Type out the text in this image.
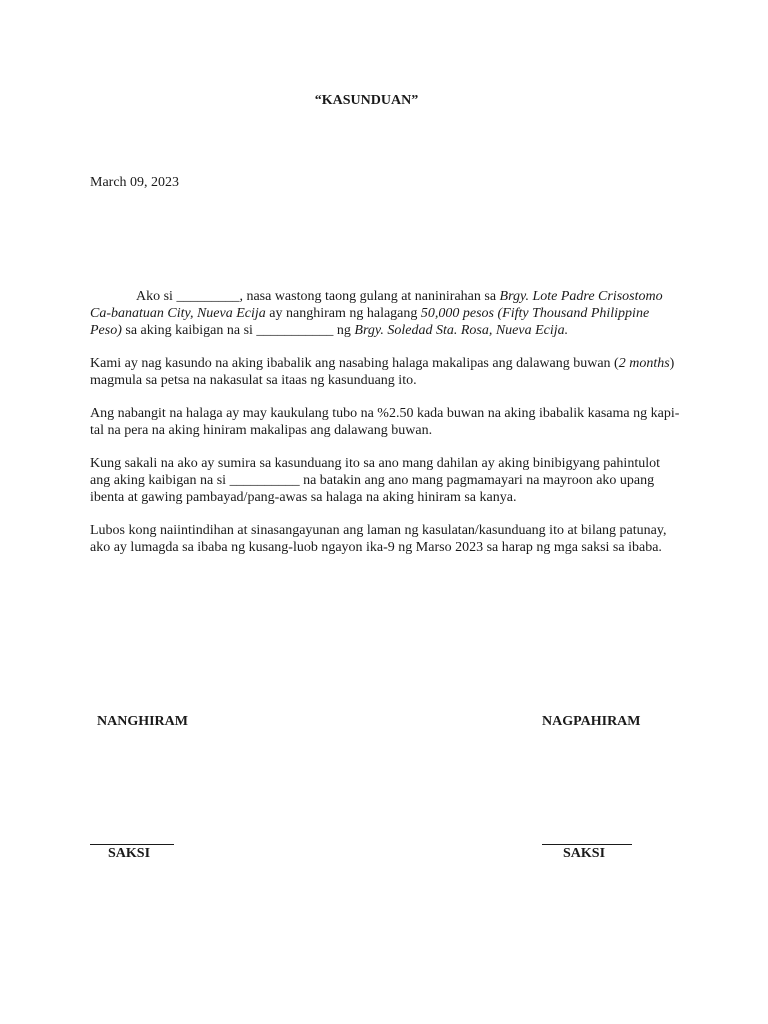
“KASUNDUAN”
March 09, 2023

Ako si _________, nasa wastong taong gulang at naninirahan sa Brgy. Lote Padre Crisostomo Ca-banatuan City, Nueva Ecija ay nanghiram ng halagang 50,000 pesos (Fifty Thousand Philippine Peso) sa aking kaibigan na si ___________ ng Brgy. Soledad Sta. Rosa, Nueva Ecija.

Kami ay nag kasundo na aking ibabalik ang nasabing halaga makalipas ang dalawang buwan (2 months) magmula sa petsa na nakasulat sa itaas ng kasunduang ito.

Ang nabangit na halaga ay may kaukulang tubo na %2.50 kada buwan na aking ibabalik kasama ng kapi-tal na pera na aking hiniram makalipas ang dalawang buwan.

Kung sakali na ako ay sumira sa kasunduang ito sa ano mang dahilan ay aking binibigyang pahintulot ang aking kaibigan na si __________ na batakin ang ano mang pagmamayari na mayroon ako upang ibenta at gawing pambayad/pang-awas sa halaga na aking hiniram sa kanya.

Lubos kong naiintindihan at sinasangayunan ang laman ng kasulatan/kasunduang ito at bilang patunay, ako ay lumagda sa ibaba ng kusang-luob ngayon ika-9 ng Marso 2023 sa harap ng mga saksi sa ibaba.

NANGHIRAM	NAGPAHIRAM
SAKSI	SAKSI
